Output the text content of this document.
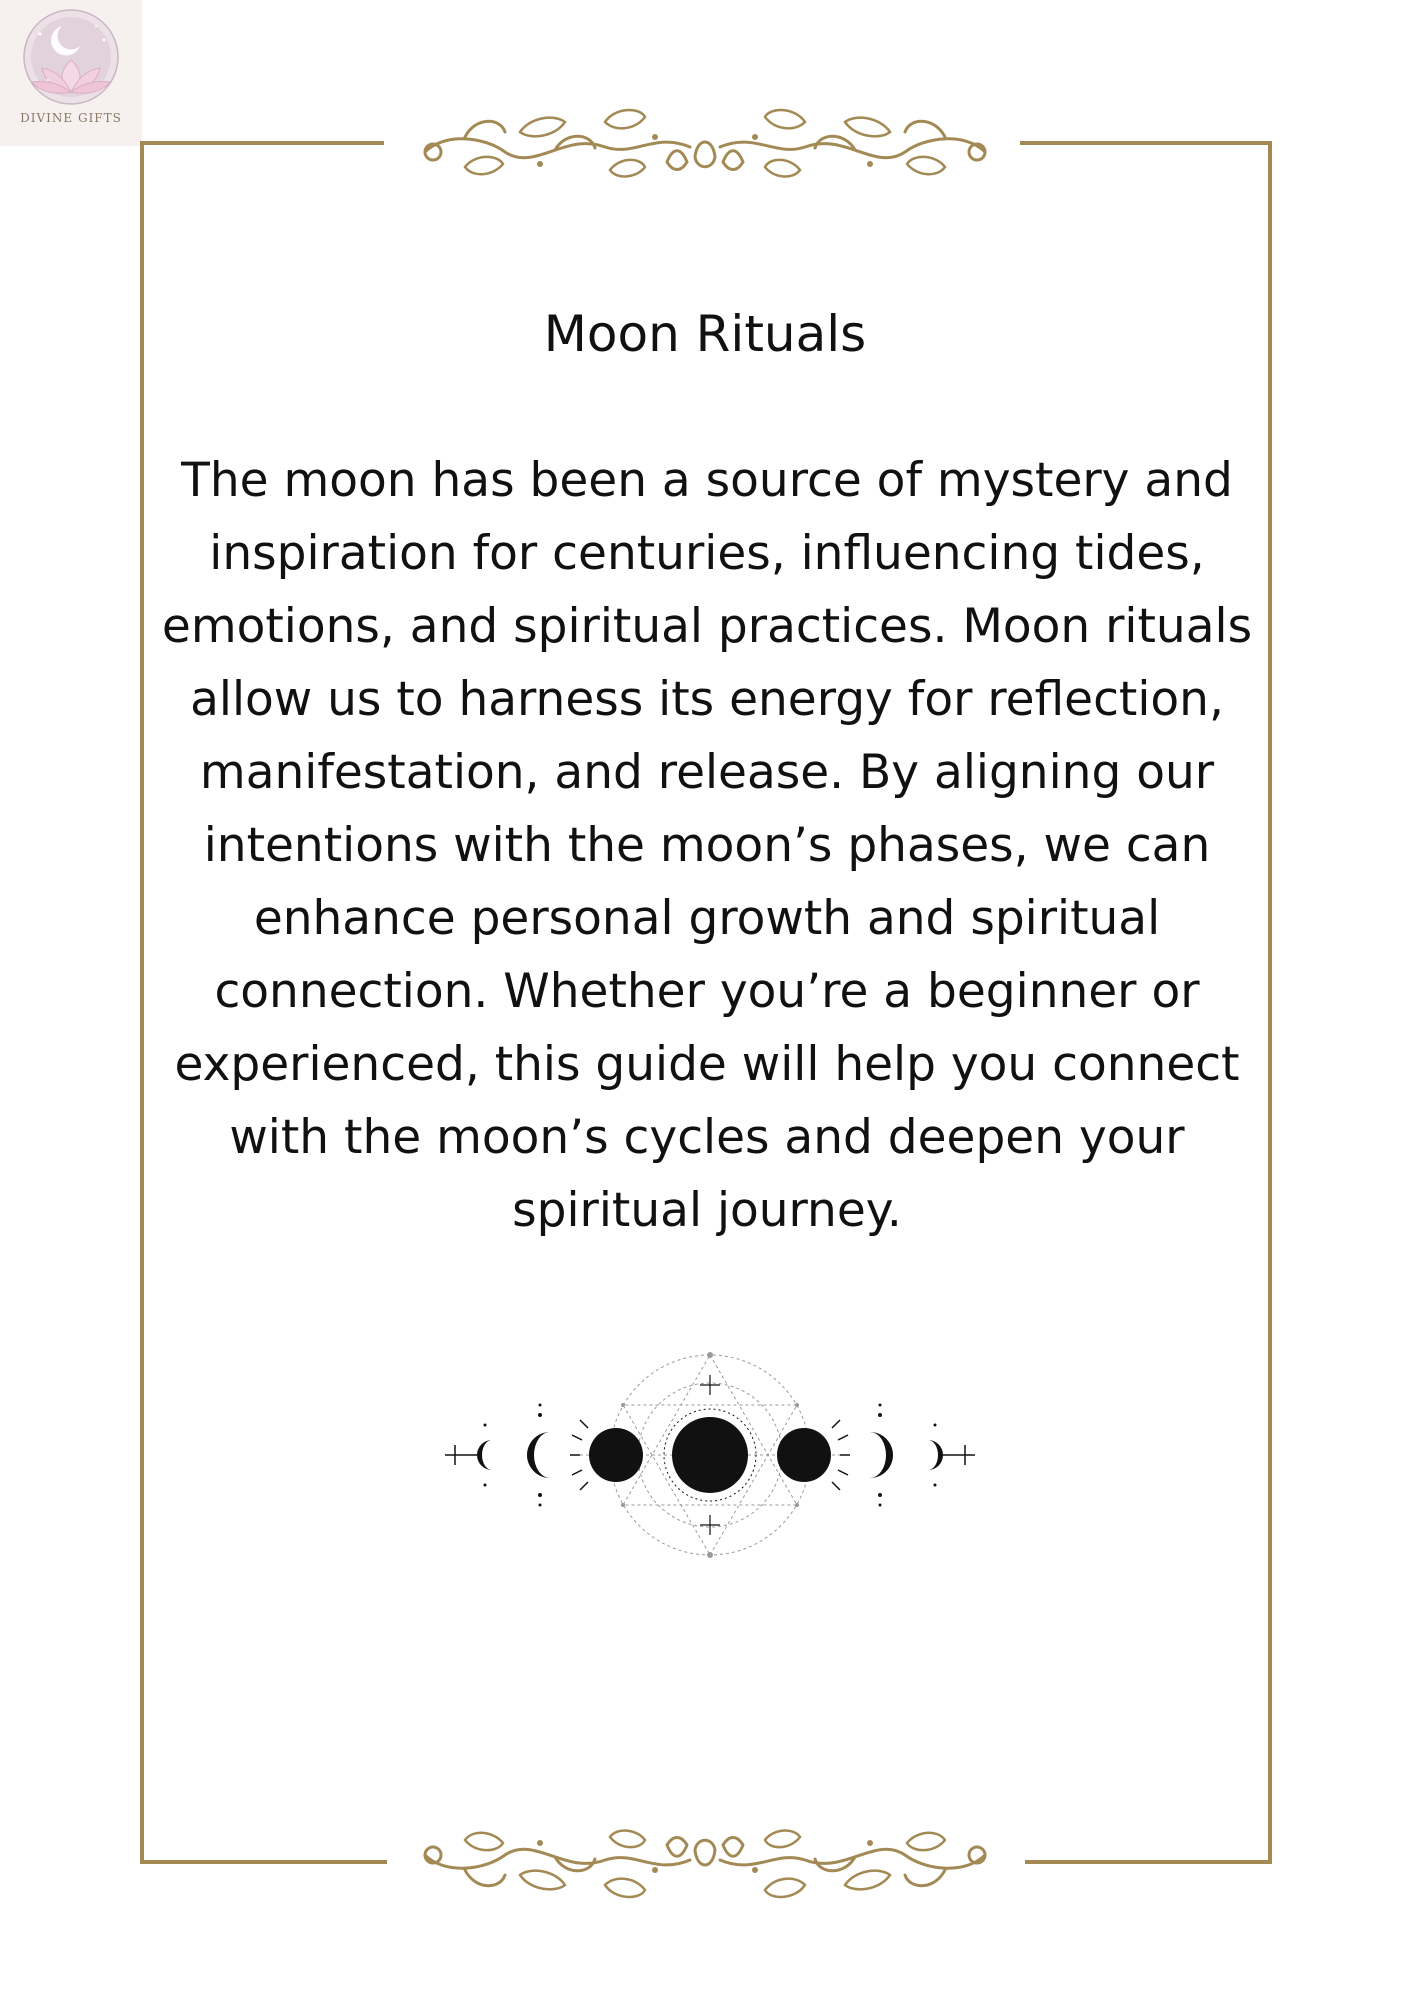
DIVINE GIFTS
Moon Rituals

The moon has been a source of mystery and inspiration for centuries, influencing tides, emotions, and spiritual practices. Moon rituals allow us to harness its energy for reflection, manifestation, and release. By aligning our intentions with the moon’s phases, we can enhance personal growth and spiritual connection. Whether you’re a beginner or experienced, this guide will help you connect with the moon’s cycles and deepen your spiritual journey.
